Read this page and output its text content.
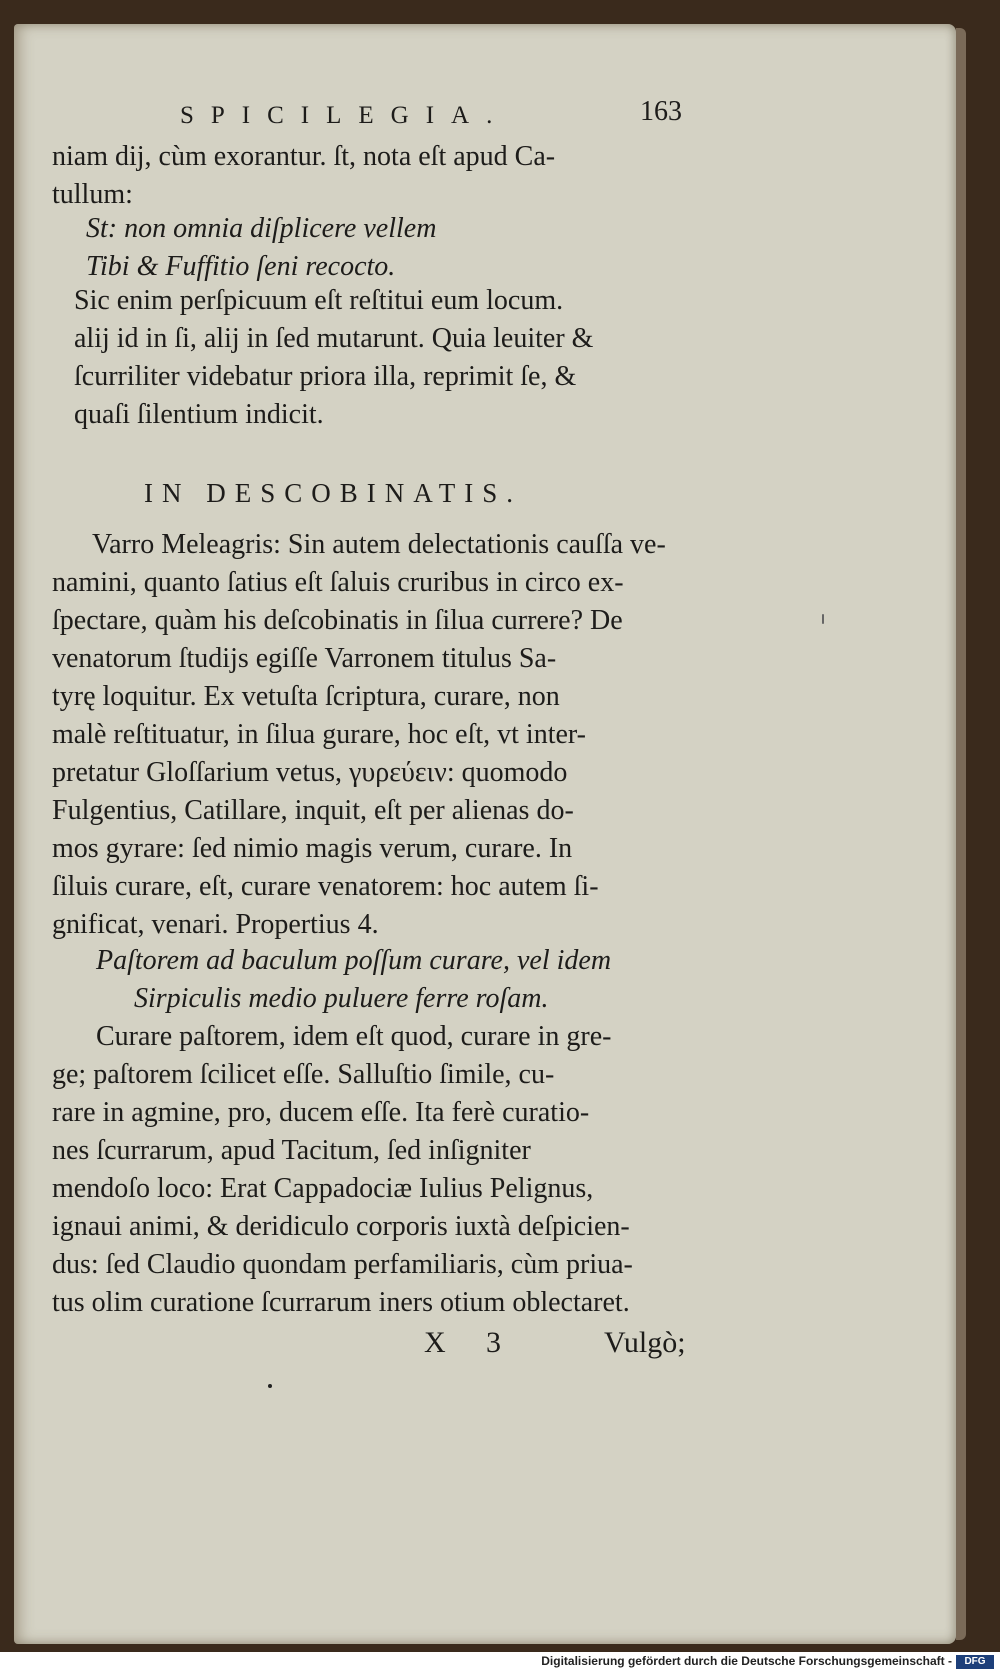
SPICILEGIA.	163
niam dij, cùm exorantur. ſt, nota eſt apud Ca-
tullum:
St: non omnia diſplicere vellem
Tibi & Fuffitio ſeni recocto.
Sic enim perſpicuum eſt reſtitui eum locum.
alij id in ſi, alij in ſed mutarunt. Quia leuiter &
ſcurriliter videbatur priora illa, reprimit ſe, &
quaſi ſilentium indicit.
IN DESCOBINATIS.
Varro Meleagris: Sin autem delectationis cauſſa ve-
namini, quanto ſatius eſt ſaluis cruribus in circo ex-
ſpectare, quàm his deſcobinatis in ſilua currere? De
venatorum ſtudijs egiſſe Varronem titulus Sa-
tyrę loquitur. Ex vetuſta ſcriptura, curare, non
malè reſtituatur, in ſilua gurare, hoc eſt, vt inter-
pretatur Gloſſarium vetus, γυρεύειν: quomodo
Fulgentius, Catillare, inquit, eſt per alienas do-
mos gyrare: ſed nimio magis verum, curare. In
ſiluis curare, eſt, curare venatorem: hoc autem ſi-
gnificat, venari. Propertius 4.
Paſtorem ad baculum poſſum curare, vel idem
Sirpiculis medio puluere ferre roſam.
Curare paſtorem, idem eſt quod, curare in gre-
ge; paſtorem ſcilicet eſſe. Salluſtio ſimile, cu-
rare in agmine, pro, ducem eſſe. Ita ferè curatio-
nes ſcurrarum, apud Tacitum, ſed inſigniter
mendoſo loco: Erat Cappadociæ Iulius Pelignus,
ignaui animi, & deridiculo corporis iuxtà deſpicien-
dus: ſed Claudio quondam perfamiliaris, cùm priua-
tus olim curatione ſcurrarum iners otium oblectaret.
X 3	Vulgò;
Digitalisierung gefördert durch die Deutsche Forschungsgemeinschaft -	DFG
